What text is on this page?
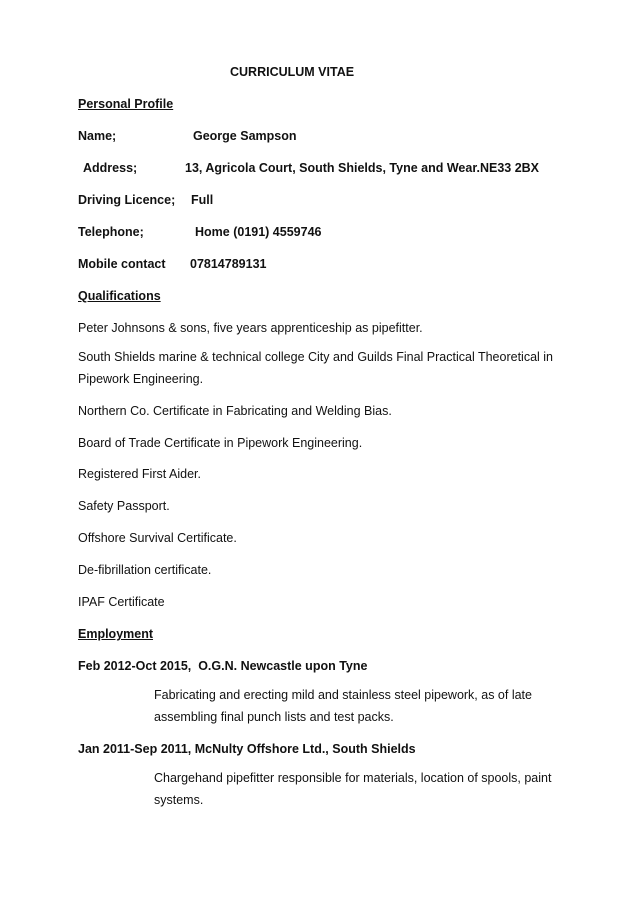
CURRICULUM VITAE
Personal Profile
Name;	George Sampson
Address;	13, Agricola Court, South Shields, Tyne and Wear.NE33 2BX
Driving Licence; Full
Telephone;	Home (0191) 4559746
Mobile contact 07814789131
Qualifications
Peter Johnsons & sons, five years apprenticeship as pipefitter.
South Shields marine & technical college City and Guilds Final Practical Theoretical in Pipework Engineering.
Northern Co. Certificate in Fabricating and Welding Bias.
Board of Trade Certificate in Pipework Engineering.
Registered First Aider.
Safety Passport.
Offshore Survival Certificate.
De-fibrillation certificate.
IPAF Certificate
Employment
Feb 2012-Oct 2015,  O.G.N. Newcastle upon Tyne
Fabricating and erecting mild and stainless steel pipework, as of late assembling final punch lists and test packs.
Jan 2011-Sep 2011, McNulty Offshore Ltd., South Shields
Chargehand pipefitter responsible for materials, location of spools, paint systems.
